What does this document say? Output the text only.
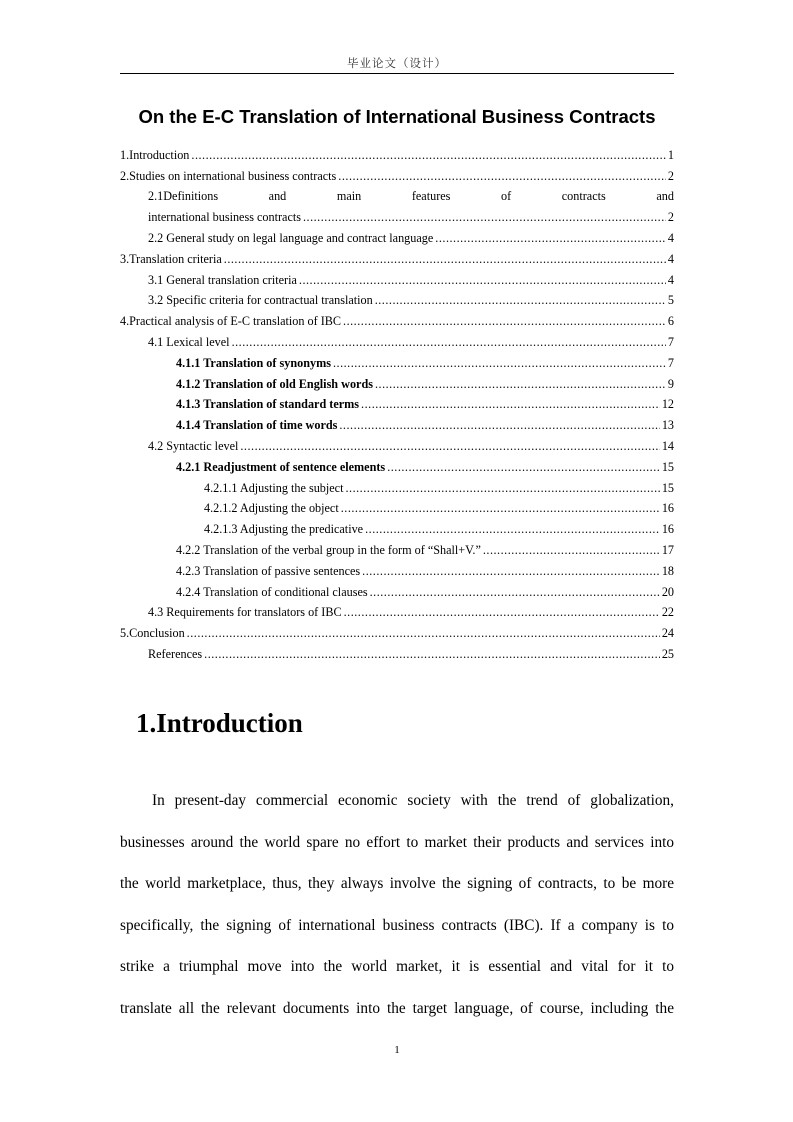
毕业论文（设计）
On the E-C Translation of International Business Contracts
1.Introduction .....	1
2.Studies on international business contracts .....	2
2.1Definitions	and	main	features	of	contracts	and
international business contracts .....	2
2.2 General study on legal language and contract language .....	4
3.Translation criteria .....	4
3.1 General translation criteria .....	4
3.2 Specific criteria for contractual translation .....	5
4.Practical analysis of E-C translation of IBC .....	6
4.1 Lexical level .....	7
4.1.1 Translation of synonyms .....	7
4.1.2 Translation of old English words .....	9
4.1.3 Translation of standard terms .....	12
4.1.4 Translation of time words .....	13
4.2 Syntactic level .....	14
4.2.1 Readjustment of sentence elements .....	15
4.2.1.1 Adjusting the subject .....	15
4.2.1.2 Adjusting the object .....	16
4.2.1.3 Adjusting the predicative .....	16
4.2.2 Translation of the verbal group in the form of “Shall+V.” .....	17
4.2.3 Translation of passive sentences .....	18
4.2.4 Translation of conditional clauses .....	20
4.3 Requirements for translators of IBC .....	22
5.Conclusion .....	24
References .....	25
1.Introduction
In present-day commercial economic society with the trend of globalization,
businesses around the world spare no effort to market their products and services into
the world marketplace, thus, they always involve the signing of contracts, to be more
specifically, the signing of international business contracts (IBC). If a company is to
strike a triumphal move into the world market, it is essential and vital for it to
translate all the relevant documents into the target language, of course, including the
1
